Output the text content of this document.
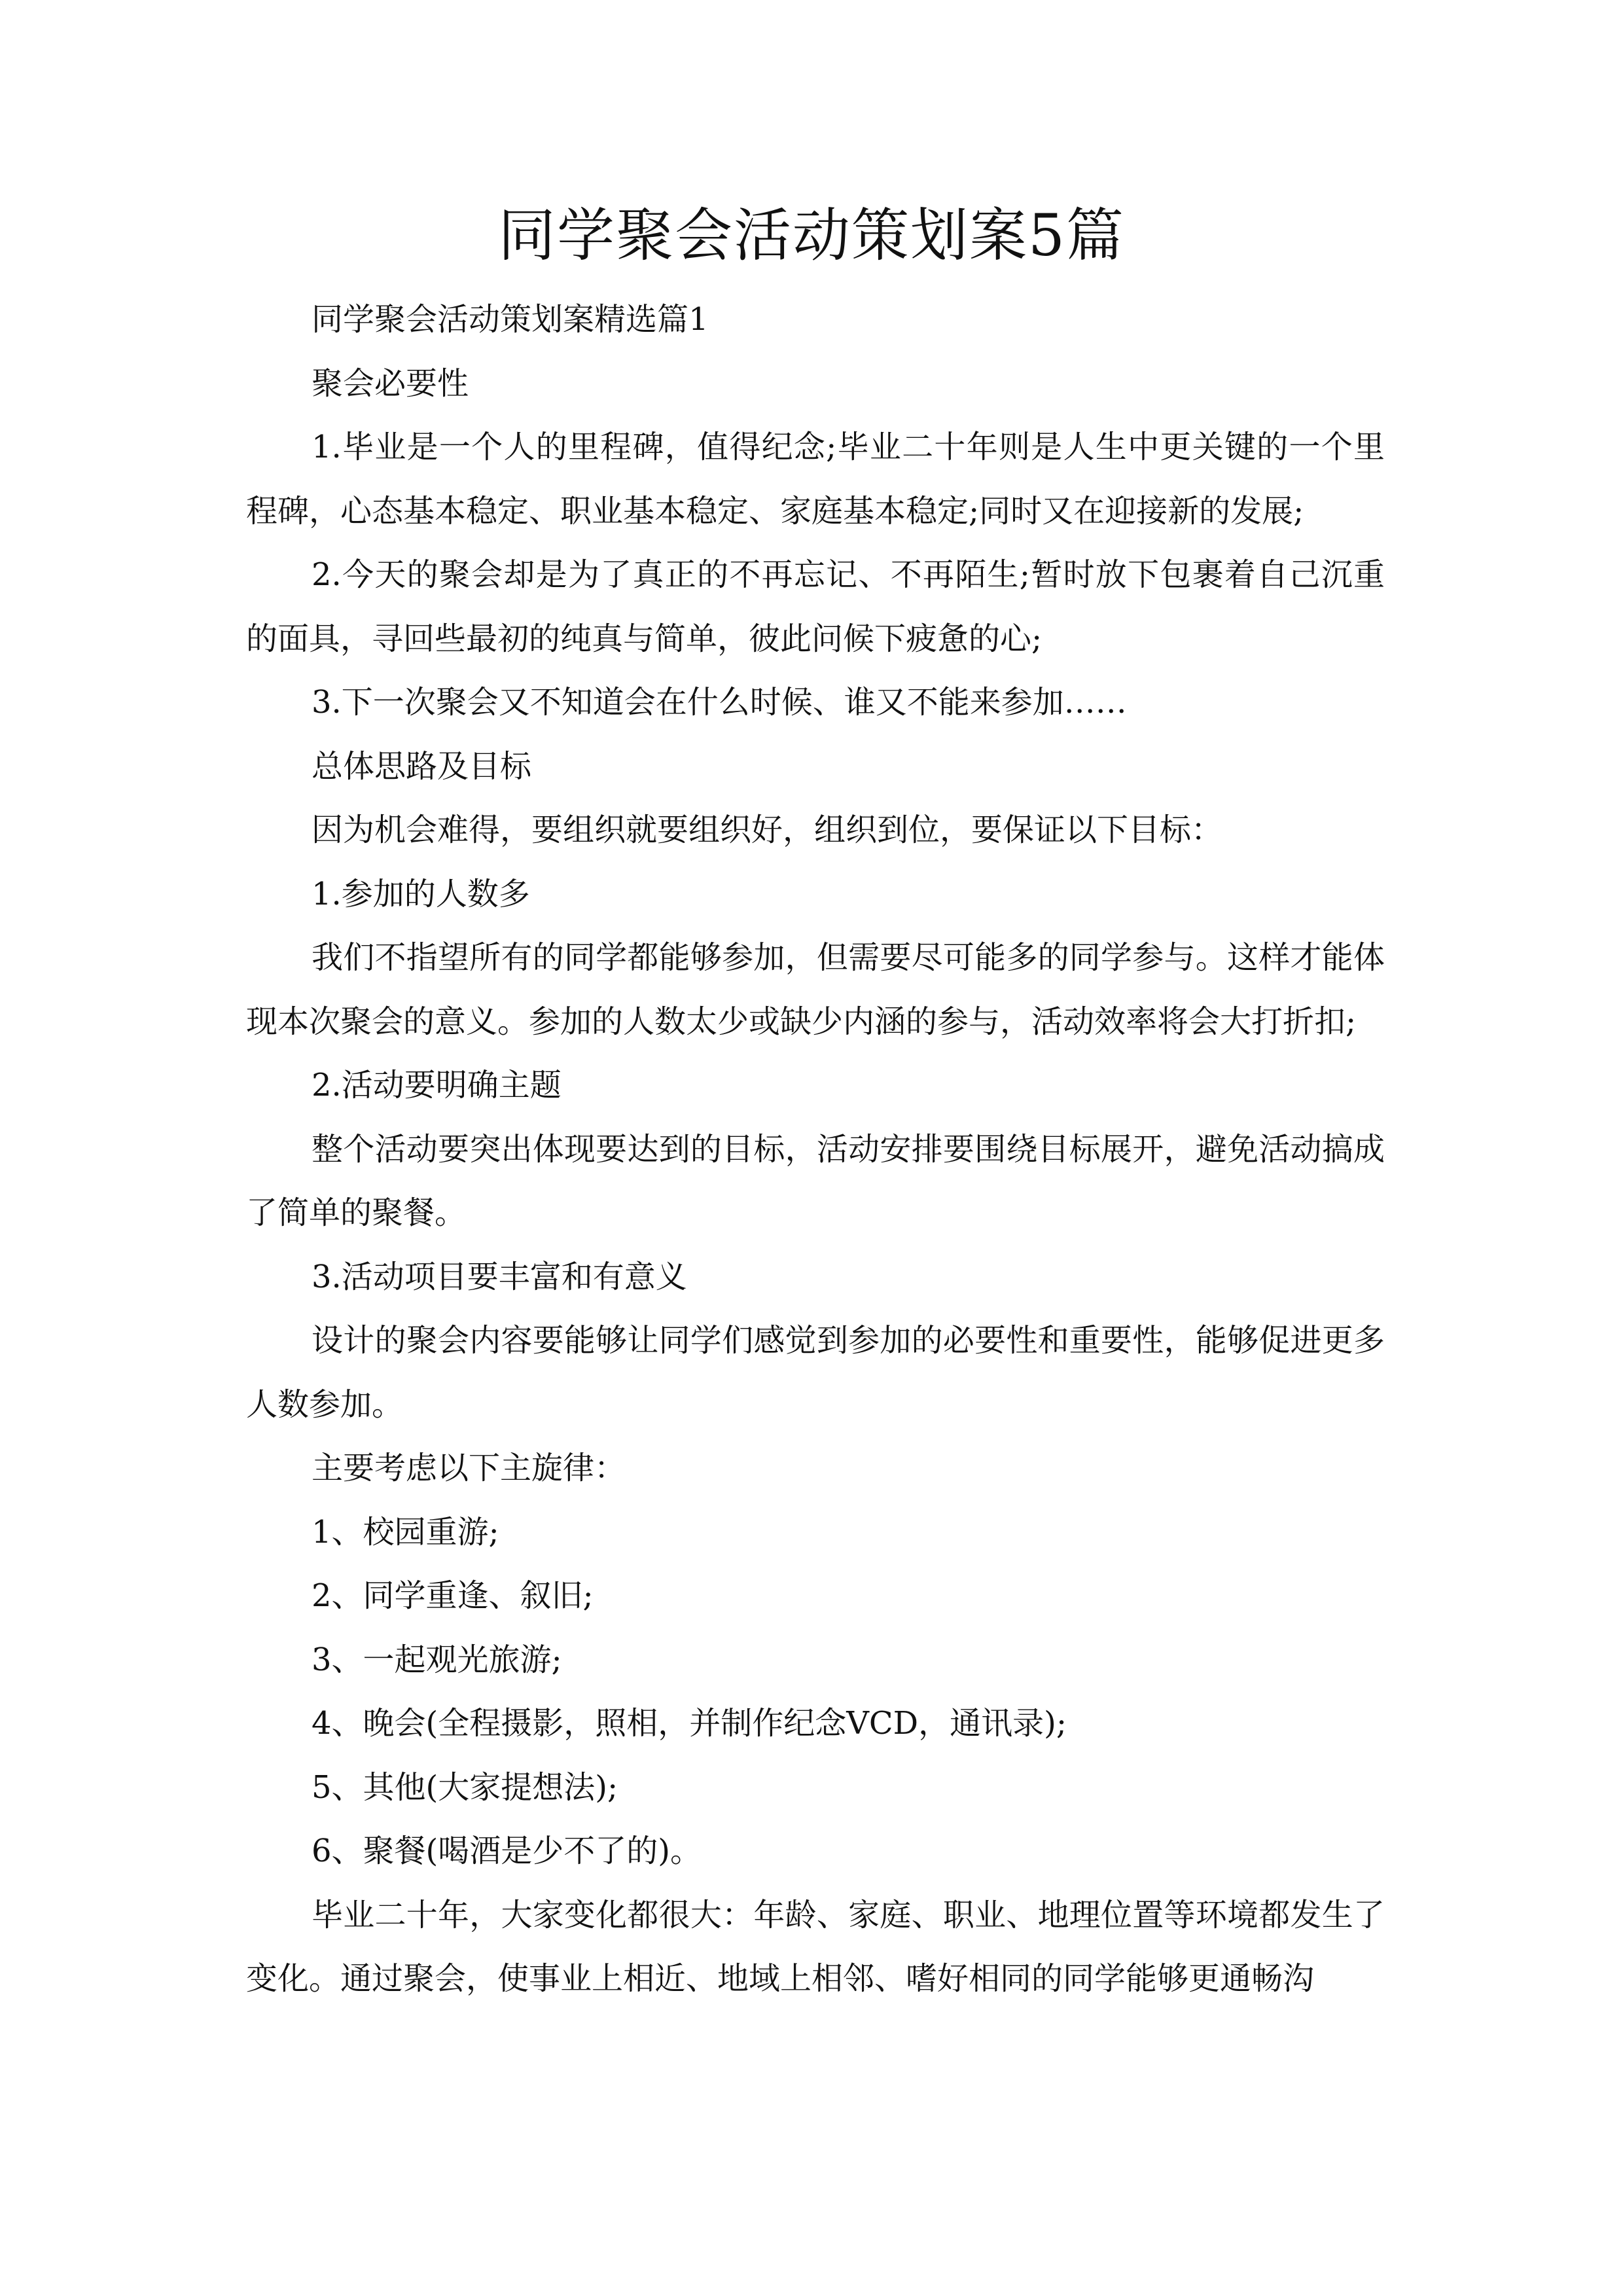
同学聚会活动策划案5篇

同学聚会活动策划案精选篇1

聚会必要性

1.毕业是一个人的里程碑，值得纪念;毕业二十年则是人生中更关键的一个里程碑，心态基本稳定、职业基本稳定、家庭基本稳定;同时又在迎接新的发展;

2.今天的聚会却是为了真正的不再忘记、不再陌生;暂时放下包裹着自己沉重的面具，寻回些最初的纯真与简单，彼此问候下疲惫的心;

3.下一次聚会又不知道会在什么时候、谁又不能来参加……

总体思路及目标

因为机会难得，要组织就要组织好，组织到位，要保证以下目标：

1.参加的人数多

我们不指望所有的同学都能够参加，但需要尽可能多的同学参与。这样才能体现本次聚会的意义。参加的人数太少或缺少内涵的参与，活动效率将会大打折扣;

2.活动要明确主题

整个活动要突出体现要达到的目标，活动安排要围绕目标展开，避免活动搞成了简单的聚餐。

3.活动项目要丰富和有意义

设计的聚会内容要能够让同学们感觉到参加的必要性和重要性，能够促进更多人数参加。

主要考虑以下主旋律：

1、校园重游;

2、同学重逢、叙旧;

3、一起观光旅游;

4、晚会(全程摄影，照相，并制作纪念VCD，通讯录);

5、其他(大家提想法);

6、聚餐(喝酒是少不了的)。

毕业二十年，大家变化都很大：年龄、家庭、职业、地理位置等环境都发生了变化。通过聚会，使事业上相近、地域上相邻、嗜好相同的同学能够更通畅沟
